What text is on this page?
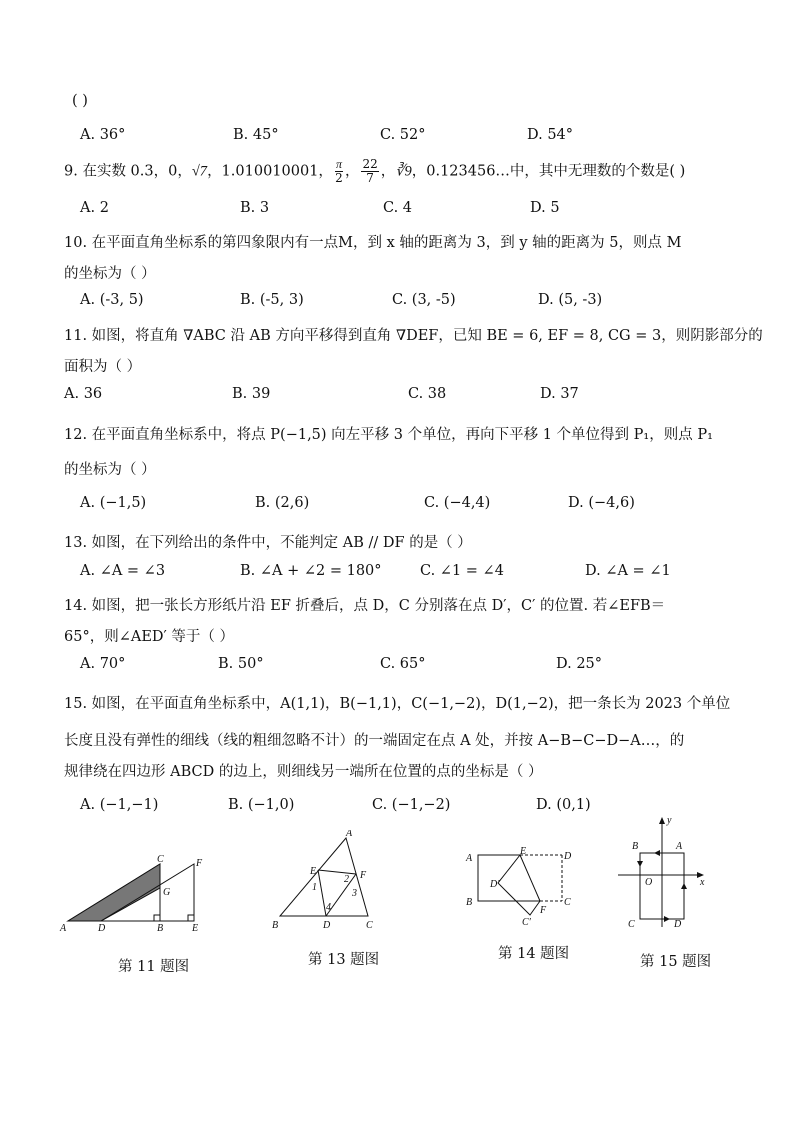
( )
A. 36°	B. 45°	C. 52°	D. 54°
9. 在实数 0.3，0，√7，1.010010001， $\frac{\pi}{2}$ ， $\frac{22}{7}$ ，∛9，0.123456…中，其中无理数的个数是( )
A. 2	B. 3	C. 4	D. 5
10. 在平面直角坐标系的第四象限内有一点M，到 x 轴的距离为 3，到 y 轴的距离为 5，则点 M
的坐标为（ ）
A. (-3, 5)	B. (-5, 3)	C. (3, -5)	D. (5, -3)
11. 如图，将直角 ∇ABC 沿 AB 方向平移得到直角 ∇DEF，已知 BE = 6, EF = 8, CG = 3，则阴影部分的
面积为（ ）
A. 36	B. 39	C. 38	D. 37
12. 在平面直角坐标系中，将点 P(−1,5) 向左平移 3 个单位，再向下平移 1 个单位得到 P₁，则点 P₁
的坐标为（ ）
A. (−1,5)	B. (2,6)	C. (−4,4)	D. (−4,6)
13. 如图，在下列给出的条件中，不能判定 AB // DF 的是（ ）
A. ∠A = ∠3	B. ∠A + ∠2 = 180°	C. ∠1 = ∠4	D. ∠A = ∠1
14. 如图，把一张长方形纸片沿 EF 折叠后，点 D，C 分别落在点 D′，C′ 的位置. 若∠EFB＝
65°，则∠AED′ 等于（ ）
A. 70°	B. 50°	C. 65°	D. 25°
15. 如图，在平面直角坐标系中，A(1,1)，B(−1,1)，C(−1,−2)，D(1,−2)，把一条长为 2023 个单位
长度且没有弹性的细线（线的粗细忽略不计）的一端固定在点 A 处，并按 A−B−C−D−A…，的
规律绕在四边形 ABCD 的边上，则细线另一端所在位置的点的坐标是（ ）
A. (−1,−1)	B. (−1,0)	C. (−1,−2)	D. (0,1)
C	F
G
A	D	B	E
第 11 题图
A
E	F
1
2
3
4
B	D	C
第 13 题图
A
E	D
D′
B
F
C
C′
第 14 题图
y
B	A
O	x
C	D
第 15 题图
